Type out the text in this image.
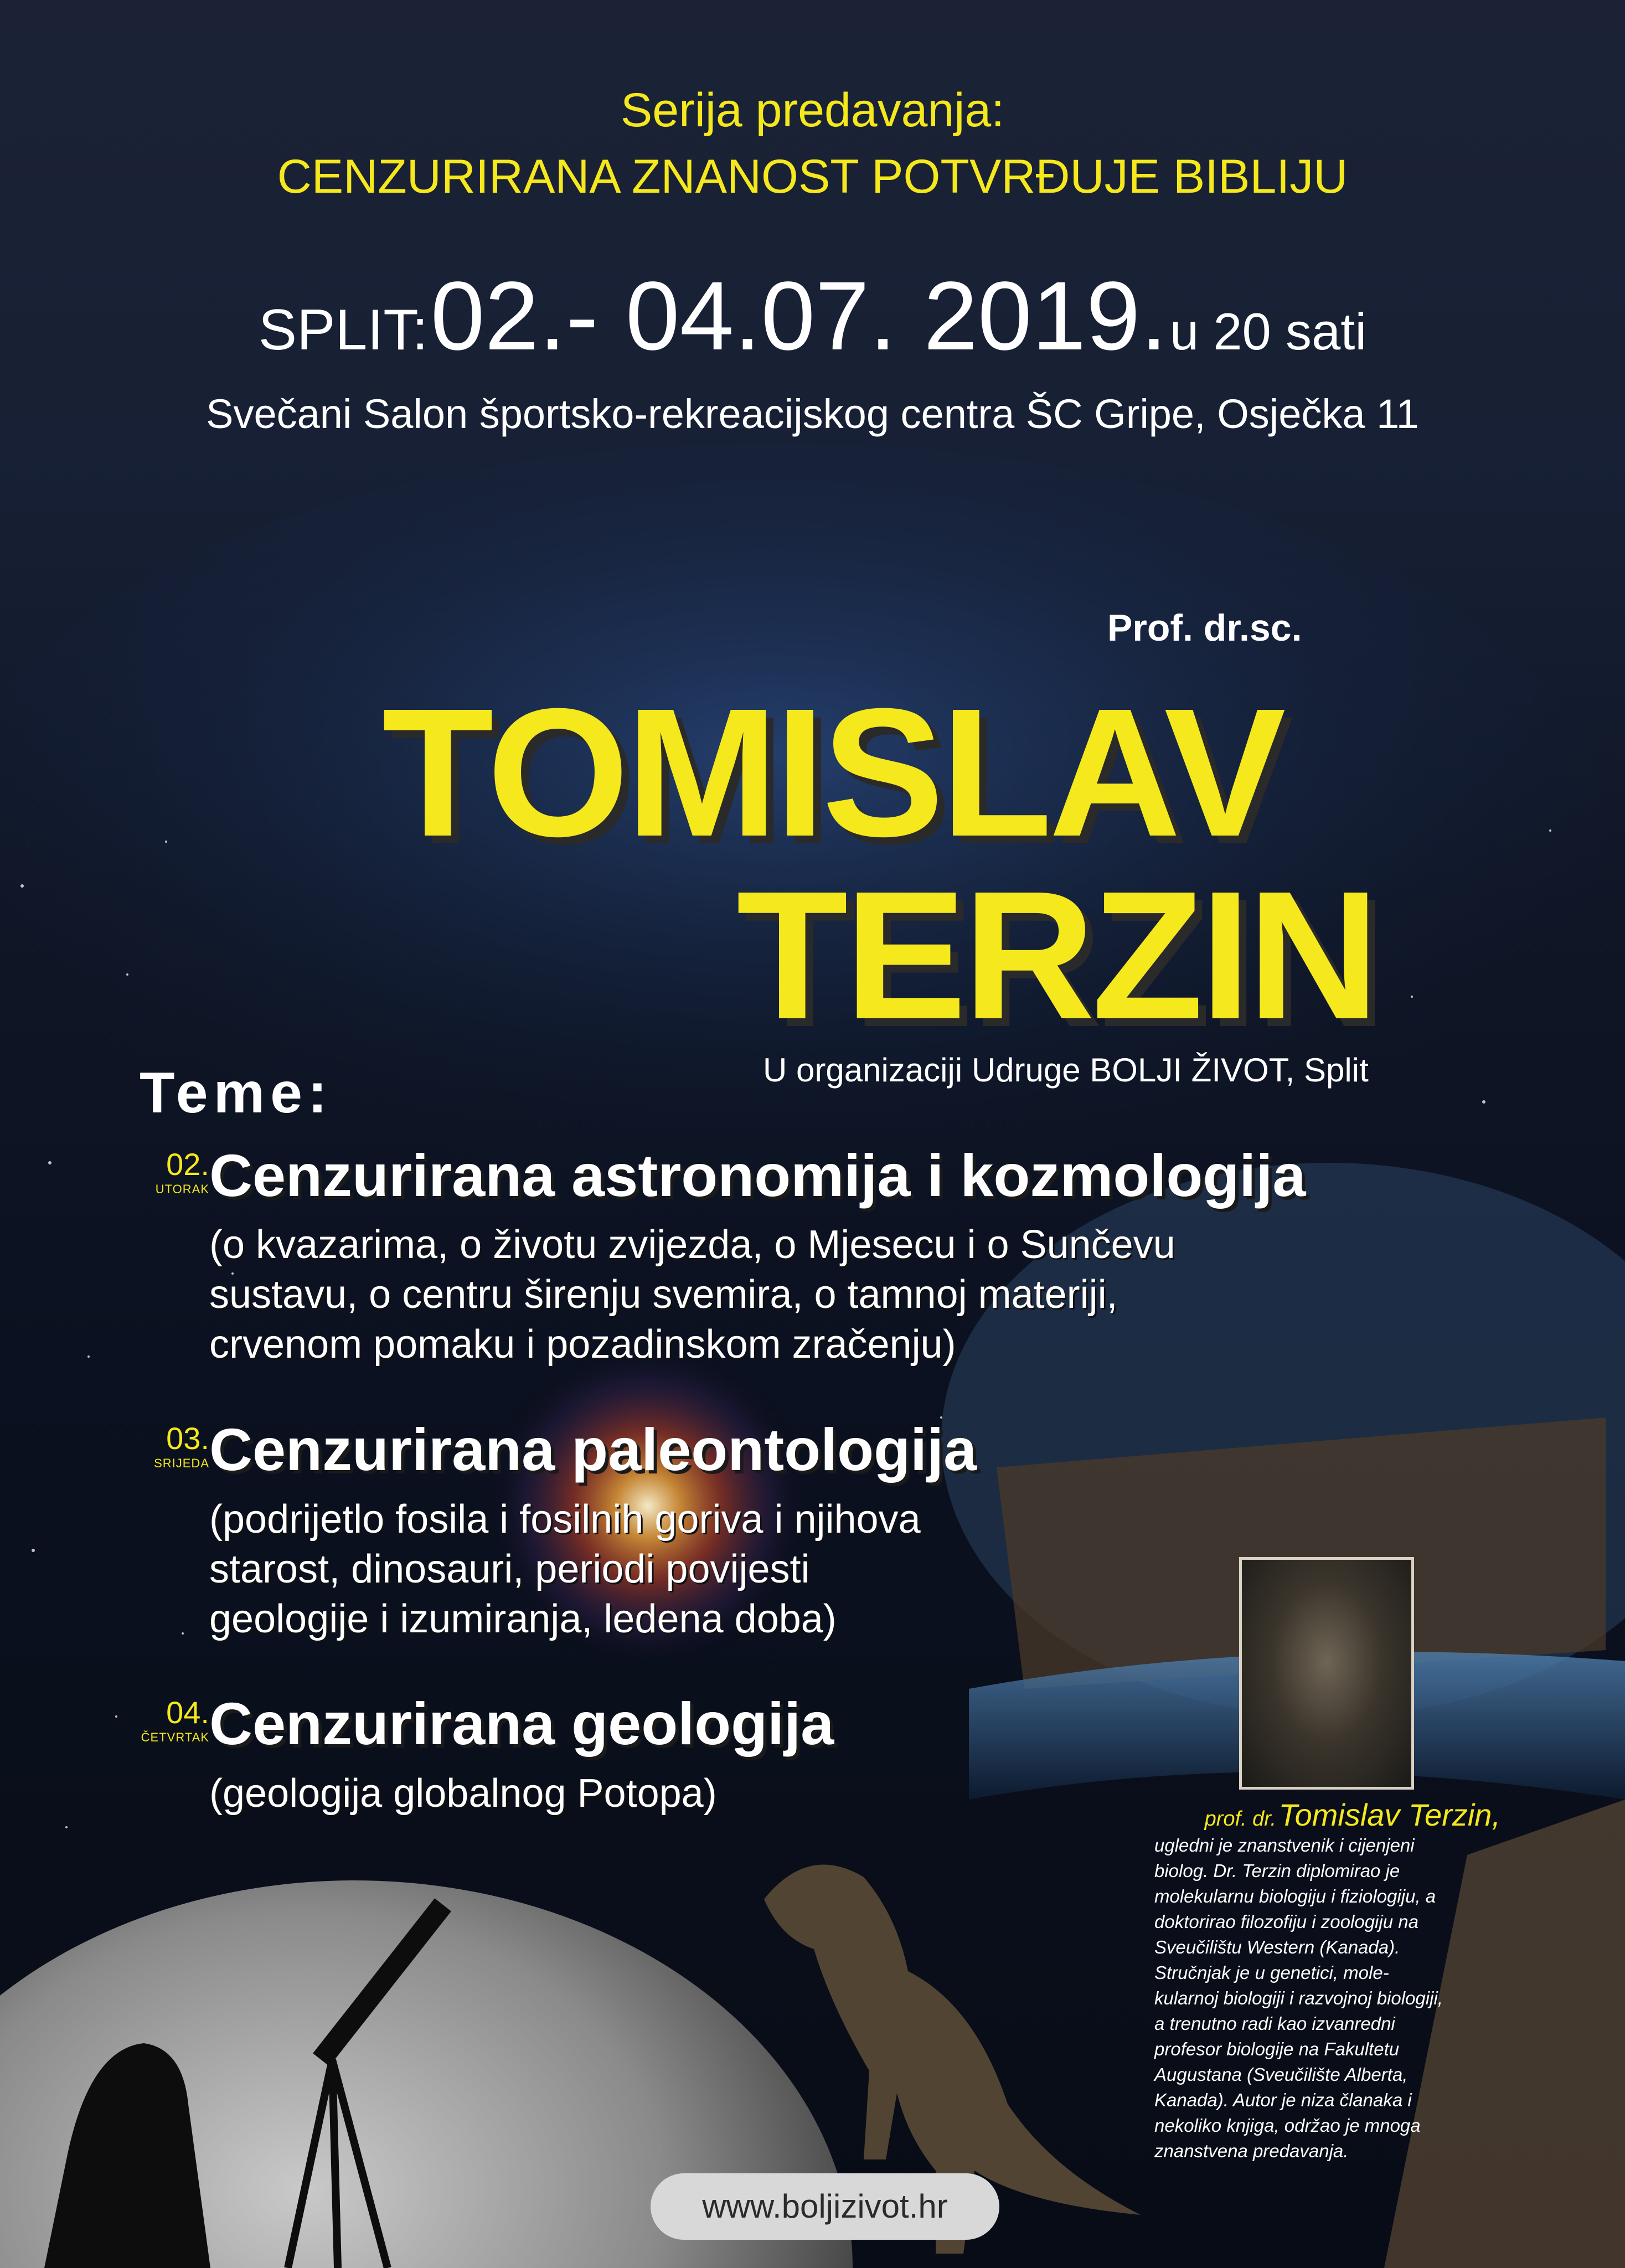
Serija predavanja:
CENZURIRANA ZNANOST POTVRĐUJE BIBLIJU
SPLIT: 02.- 04.07. 2019. u 20 sati
Svečani Salon športsko-rekreacijskog centra ŠC Gripe, Osječka 11
Prof. dr.sc.
TOMISLAV
TERZIN
U organizaciji Udruge BOLJI ŽIVOT, Split
Teme:
02.
UTORAK Cenzurirana astronomija i kozmologija
(o kvazarima, o životu zvijezda, o Mjesecu i o Sunčevu
sustavu, o centru širenju svemira, o tamnoj materiji,
crvenom pomaku i pozadinskom zračenju)
03.
SRIJEDA Cenzurirana paleontologija
(podrijetlo fosila i fosilnih goriva i njihova
starost, dinosauri, periodi povijesti
geologije i izumiranja, ledena doba)
04.
ČETVRTAK Cenzurirana geologija
(geologija globalnog Potopa)
prof. dr. Tomislav Terzin,
ugledni je znanstvenik i cijenjeni
biolog. Dr. Terzin diplomirao je
molekularnu biologiju i fiziologiju, a
doktorirao filozofiju i zoologiju na
Sveučilištu Western (Kanada).
Stručnjak je u genetici, mole-
kularnoj biologiji i razvojnoj biologiji,
a trenutno radi kao izvanredni
profesor biologije na Fakultetu
Augustana (Sveučilište Alberta,
Kanada). Autor je niza članaka i
nekoliko knjiga, održao je mnoga
znanstvena predavanja.
www.boljizivot.hr
